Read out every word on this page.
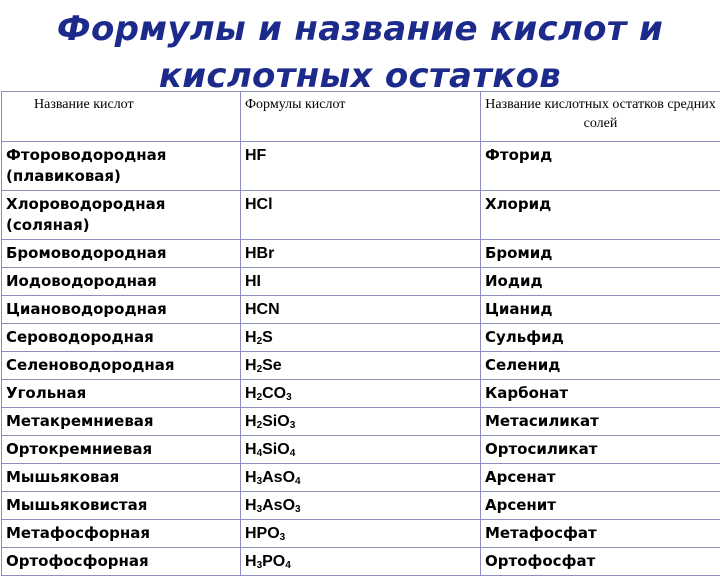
Формулы и название кислот и
кислотных остатков
Название кислот	Формулы кислот	Название кислотных остатков средних солей
Фтороводородная (плавиковая)	HF	Фторид
Хлороводородная (соляная)	HCl	Хлорид
Бромоводородная	HBr	Бромид
Иодоводородная	HI	Иодид
Циановодородная	HCN	Цианид
Сероводородная	$H_2S$	Сульфид
Селеноводородная	$H_2Se$	Селенид
Угольная	$H_2CO_3$	Карбонат
Метакремниевая	$H_2SiO_3$	Метасиликат
Ортокремниевая	$H_4SiO_4$	Ортосиликат
Мышьяковая	$H_3AsO_4$	Арсенат
Мышьяковистая	$H_3AsO_3$	Арсенит
Метафосфорная	$HPO_3$	Метафосфат
Ортофосфорная	$H_3PO_4$	Ортофосфат
